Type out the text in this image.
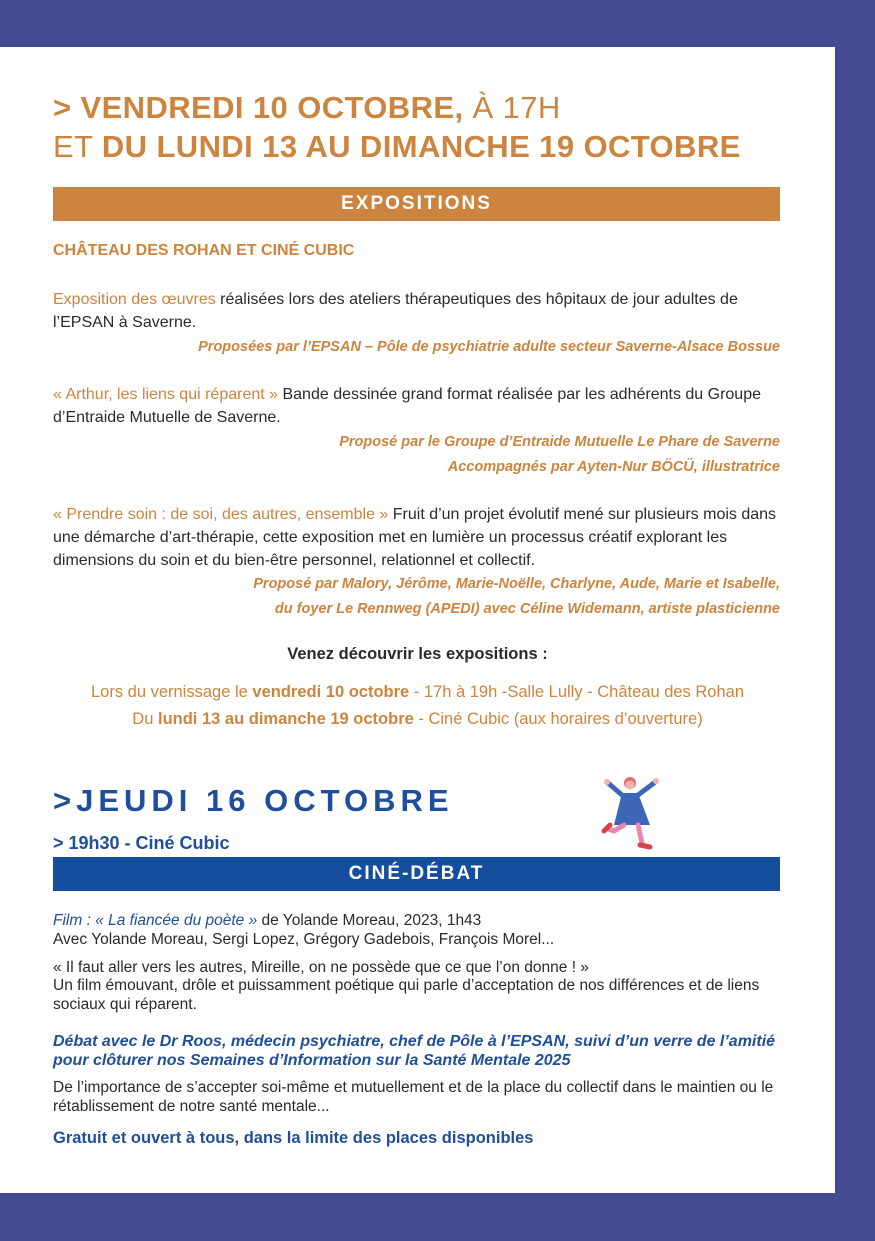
> VENDREDI 10 OCTOBRE, À 17H
ET DU LUNDI 13 AU DIMANCHE 19 OCTOBRE
EXPOSITIONS
CHÂTEAU DES ROHAN ET CINÉ CUBIC
Exposition des œuvres réalisées lors des ateliers thérapeutiques des hôpitaux de jour adultes de l’EPSAN à Saverne.
Proposées par l’EPSAN – Pôle de psychiatrie adulte secteur Saverne-Alsace Bossue
« Arthur, les liens qui réparent » Bande dessinée grand format réalisée par les adhérents du Groupe d’Entraide Mutuelle de Saverne.
Proposé par le Groupe d’Entraide Mutuelle Le Phare de Saverne
Accompagnés par Ayten-Nur BÖCÜ, illustratrice
« Prendre soin : de soi, des autres, ensemble » Fruit d’un projet évolutif mené sur plusieurs mois dans une démarche d’art-thérapie, cette exposition met en lumière un processus créatif explorant les dimensions du soin et du bien-être personnel, relationnel et collectif.
Proposé par Malory, Jérôme, Marie-Noëlle, Charlyne, Aude, Marie et Isabelle,
du foyer Le Rennweg (APEDI) avec Céline Widemann, artiste plasticienne
Venez découvrir les expositions :
Lors du vernissage le vendredi 10 octobre - 17h à 19h -Salle Lully - Château des Rohan
Du lundi 13 au dimanche 19 octobre - Ciné Cubic (aux horaires d’ouverture)
>JEUDI 16 OCTOBRE
> 19h30 - Ciné Cubic
CINÉ-DÉBAT
Film : « La fiancée du poète » de Yolande Moreau, 2023, 1h43
Avec Yolande Moreau, Sergi Lopez, Grégory Gadebois, François Morel...
« Il faut aller vers les autres, Mireille, on ne possède que ce que l’on donne ! »
Un film émouvant, drôle et puissamment poétique qui parle d’acceptation de nos différences et de liens sociaux qui réparent.
Débat avec le Dr Roos, médecin psychiatre, chef de Pôle à l’EPSAN, suivi d’un verre de l’amitié pour clôturer nos Semaines d’Information sur la Santé Mentale 2025
De l’importance de s’accepter soi-même et mutuellement et de la place du collectif dans le maintien ou le rétablissement de notre santé mentale...
Gratuit et ouvert à tous, dans la limite des places disponibles
